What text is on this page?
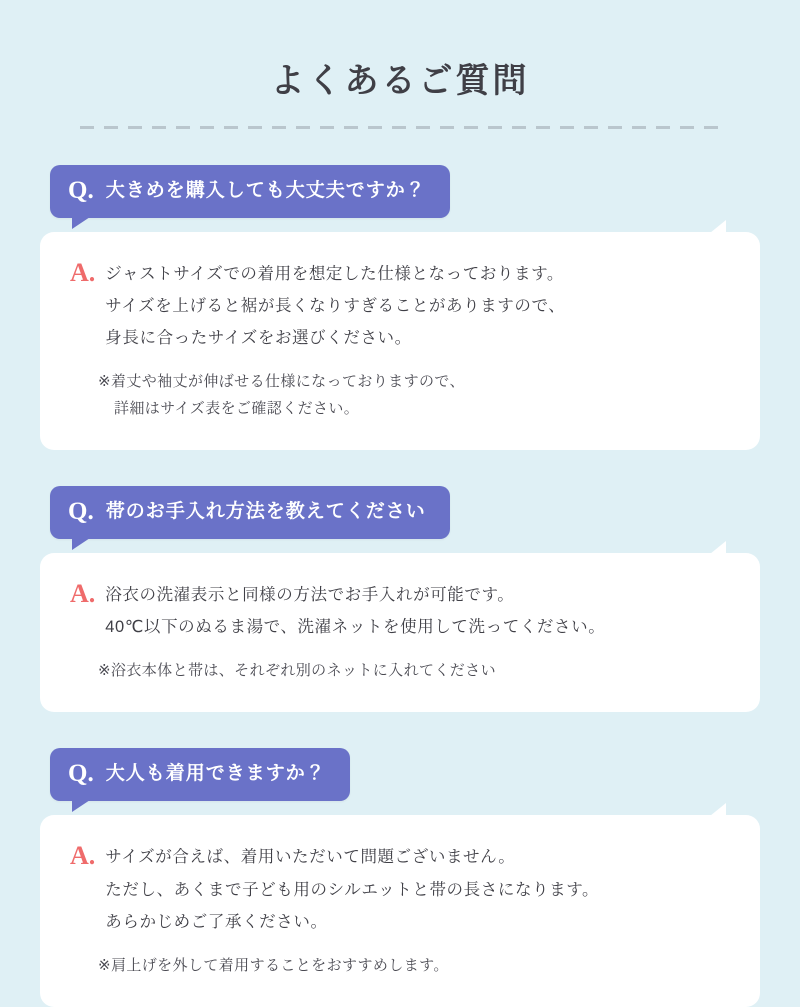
よくあるご質問
Q. 大きめを購入しても大丈夫ですか？
A. ジャストサイズでの着用を想定した仕様となっております。
サイズを上げると裾が長くなりすぎることがありますので、
身長に合ったサイズをお選びください。
※着丈や袖丈が伸ばせる仕様になっておりますので、
詳細はサイズ表をご確認ください。
Q. 帯のお手入れ方法を教えてください
A. 浴衣の洗濯表示と同様の方法でお手入れが可能です。
40℃以下のぬるま湯で、洗濯ネットを使用して洗ってください。
※浴衣本体と帯は、それぞれ別のネットに入れてください
Q. 大人も着用できますか？
A. サイズが合えば、着用いただいて問題ございません。
ただし、あくまで子ども用のシルエットと帯の長さになります。
あらかじめご了承ください。
※肩上げを外して着用することをおすすめします。
